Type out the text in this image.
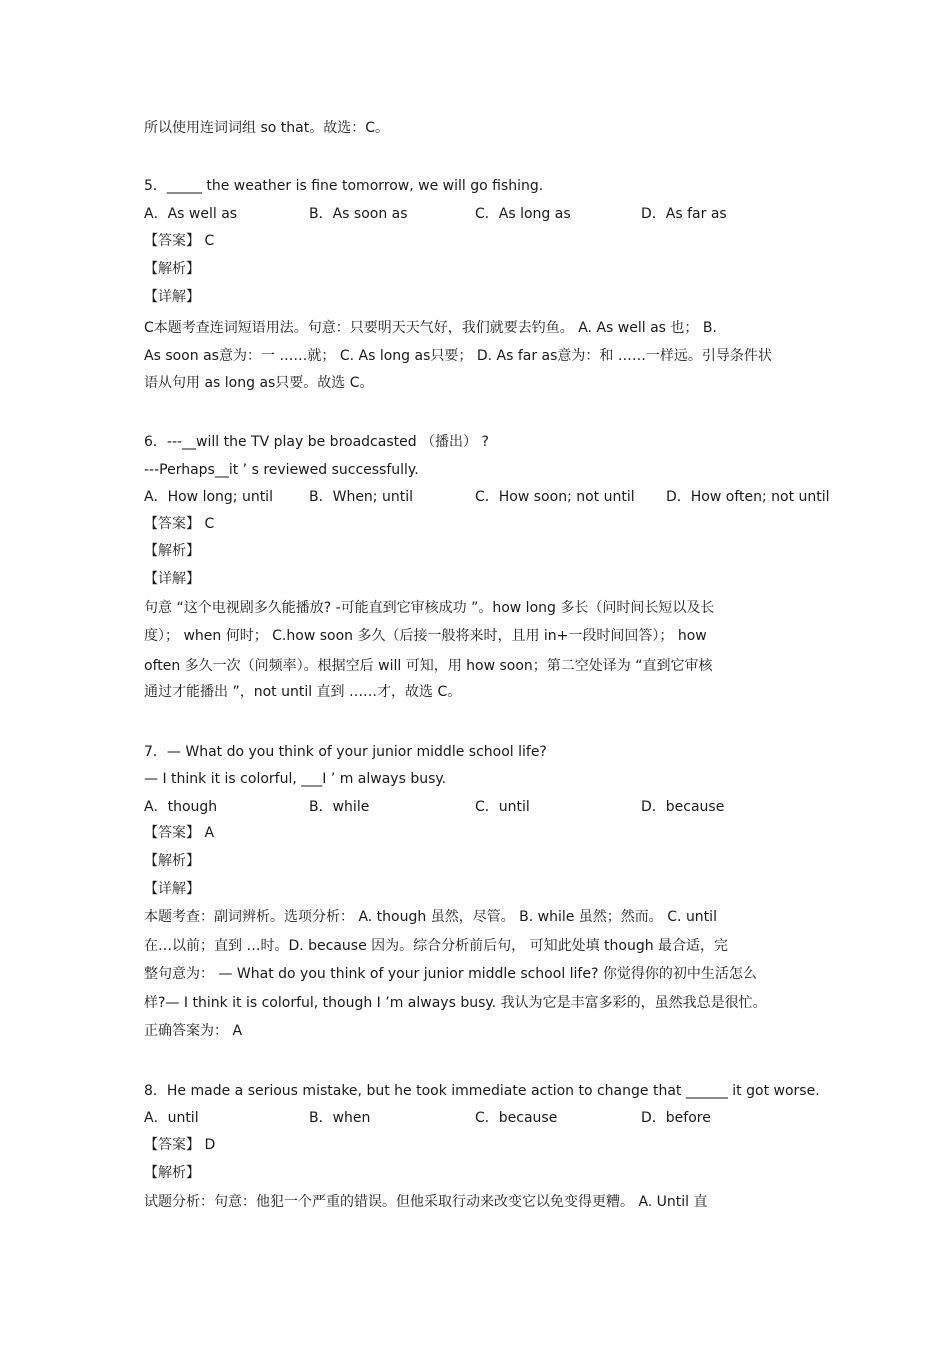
所以使用连词词组 so that。故选：C。
5．_____ the weather is fine tomorrow, we will go fishing.
A．As well as	B．As soon as	C．As long as	D．As far as
【答案】 C
【解析】
【详解】
C本题考查连词短语用法。句意：只要明天天气好，我们就要去钓鱼。 A. As well as 也； B.
As soon as意为：一 ……就； C. As long as只要； D. As far as意为：和 ……一样远。引导条件状
语从句用 as long as只要。故选 C。
6．---__will the TV play be broadcasted （播出） ?
---Perhaps__it ’ s reviewed successfully.
A．How long; until	B．When; until	C．How soon; not until D．How often; not until
【答案】 C
【解析】
【详解】
句意 “这个电视剧多久能播放? -可能直到它审核成功 ”。how long 多长（问时间长短以及长
度）； when 何时； C.how soon 多久（后接一般将来时，且用 in+一段时间回答）； how
often 多久一次（问频率）。根据空后 will 可知，用 how soon；第二空处译为 “直到它审核
通过才能播出 ”，not until 直到 ……才，故选 C。
7．— What do you think of your junior middle school life?
— I think it is colorful, ___I ’ m always busy.
A．though	B．while	C．until	D．because
【答案】 A
【解析】
【详解】
本题考查：副词辨析。选项分析： A. though 虽然，尽管。 B. while 虽然；然而。 C. until
在…以前；直到 …时。D. because 因为。综合分析前后句， 可知此处填 though 最合适，完
整句意为： — What do you think of your junior middle school life? 你觉得你的初中生活怎么
样?— I think it is colorful, though I ’m always busy. 我认为它是丰富多彩的，虽然我总是很忙。
正确答案为： A
8．He made a serious mistake, but he took immediate action to change that ______ it got worse.
A．until	B．when	C．because	D．before
【答案】 D
【解析】
试题分析：句意：他犯一个严重的错误。但他采取行动来改变它以免变得更糟。 A. Until 直
